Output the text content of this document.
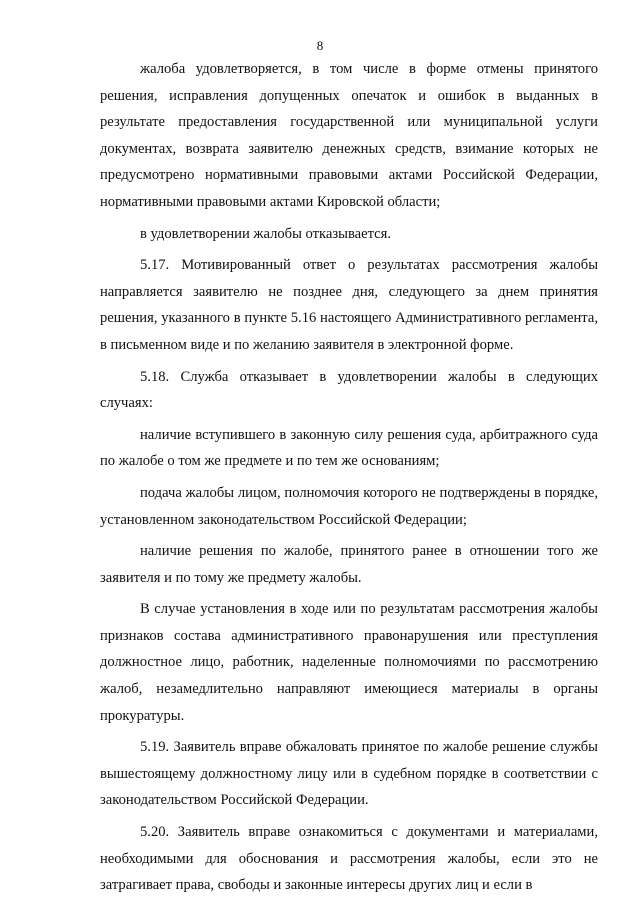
8

жалоба удовлетворяется, в том числе в форме отмены принятого решения, исправления допущенных опечаток и ошибок в выданных в результате предоставления государственной или муниципальной услуги документах, возврата заявителю денежных средств, взимание которых не предусмотрено нормативными правовыми актами Российской Федерации, нормативными правовыми актами Кировской области;

в удовлетворении жалобы отказывается.

5.17. Мотивированный ответ о результатах рассмотрения жалобы направляется заявителю не позднее дня, следующего за днем принятия решения, указанного в пункте 5.16 настоящего Административного регламента, в письменном виде и по желанию заявителя в электронной форме.

5.18. Служба отказывает в удовлетворении жалобы в следующих случаях:

наличие вступившего в законную силу решения суда, арбитражного суда по жалобе о том же предмете и по тем же основаниям;

подача жалобы лицом, полномочия которого не подтверждены в порядке, установленном законодательством Российской Федерации;

наличие решения по жалобе, принятого ранее в отношении того же заявителя и по тому же предмету жалобы.

В случае установления в ходе или по результатам рассмотрения жалобы признаков состава административного правонарушения или преступления должностное лицо, работник, наделенные полномочиями по рассмотрению жалоб, незамедлительно направляют имеющиеся материалы в органы прокуратуры.

5.19. Заявитель вправе обжаловать принятое по жалобе решение службы вышестоящему должностному лицу или в судебном порядке в соответствии с законодательством Российской Федерации.

5.20. Заявитель вправе ознакомиться с документами и материалами, необходимыми для обоснования и рассмотрения жалобы, если это не затрагивает права, свободы и законные интересы других лиц и если в
